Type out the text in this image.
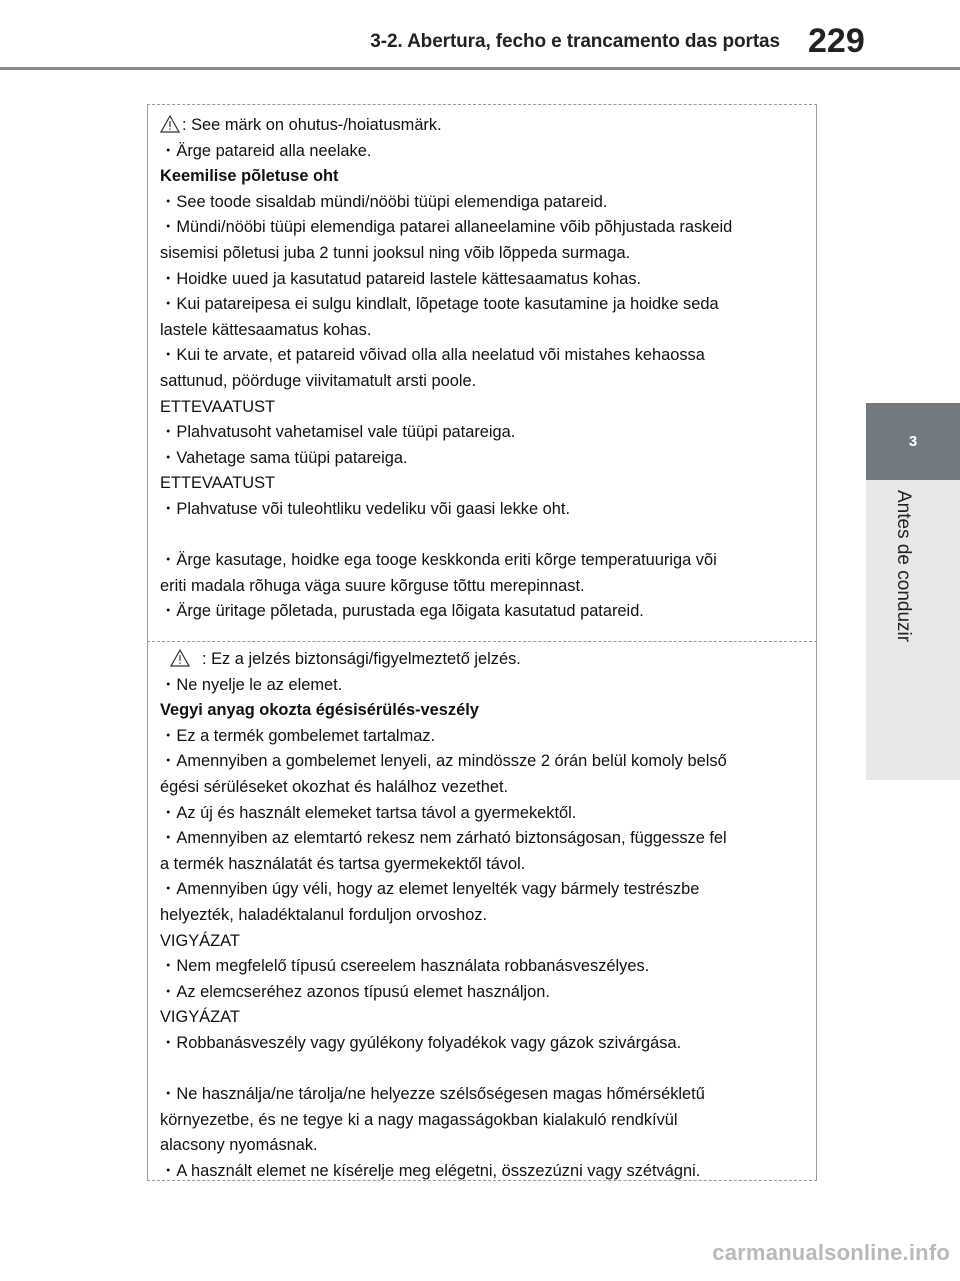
3-2. Abertura, fecho e trancamento das portas 229
3
Antes de conduzir
: See märk on ohutus-/hoiatusmärk.
・Ärge patareid alla neelake.
Keemilise põletuse oht
・See toode sisaldab mündi/nööbi tüüpi elemendiga patareid.
・Mündi/nööbi tüüpi elemendiga patarei allaneelamine võib põhjustada raskeid
sisemisi põletusi juba 2 tunni jooksul ning võib lõppeda surmaga.
・Hoidke uued ja kasutatud patareid lastele kättesaamatus kohas.
・Kui patareipesa ei sulgu kindlalt, lõpetage toote kasutamine ja hoidke seda
lastele kättesaamatus kohas.
・Kui te arvate, et patareid võivad olla alla neelatud või mistahes kehaossa
sattunud, pöörduge viivitamatult arsti poole.
ETTEVAATUST
・Plahvatusoht vahetamisel vale tüüpi patareiga.
・Vahetage sama tüüpi patareiga.
ETTEVAATUST
・Plahvatuse või tuleohtliku vedeliku või gaasi lekke oht.
・Ärge kasutage, hoidke ega tooge keskkonda eriti kõrge temperatuuriga või
eriti madala rõhuga väga suure kõrguse tõttu merepinnast.
・Ärge üritage põletada, purustada ega lõigata kasutatud patareid.
: Ez a jelzés biztonsági/figyelmeztető jelzés.
・Ne nyelje le az elemet.
Vegyi anyag okozta égésisérülés-veszély
・Ez a termék gombelemet tartalmaz.
・Amennyiben a gombelemet lenyeli, az mindössze 2 órán belül komoly belső
égési sérüléseket okozhat és halálhoz vezethet.
・Az új és használt elemeket tartsa távol a gyermekektől.
・Amennyiben az elemtartó rekesz nem zárható biztonságosan, függessze fel
a termék használatát és tartsa gyermekektől távol.
・Amennyiben úgy véli, hogy az elemet lenyelték vagy bármely testrészbe
helyezték, haladéktalanul forduljon orvoshoz.
VIGYÁZAT
・Nem megfelelő típusú csereelem használata robbanásveszélyes.
・Az elemcseréhez azonos típusú elemet használjon.
VIGYÁZAT
・Robbanásveszély vagy gyúlékony folyadékok vagy gázok szivárgása.
・Ne használja/ne tárolja/ne helyezze szélsőségesen magas hőmérsékletű
környezetbe, és ne tegye ki a nagy magasságokban kialakuló rendkívül
alacsony nyomásnak.
・A használt elemet ne kísérelje meg elégetni, összezúzni vagy szétvágni.
carmanualsonline.info
